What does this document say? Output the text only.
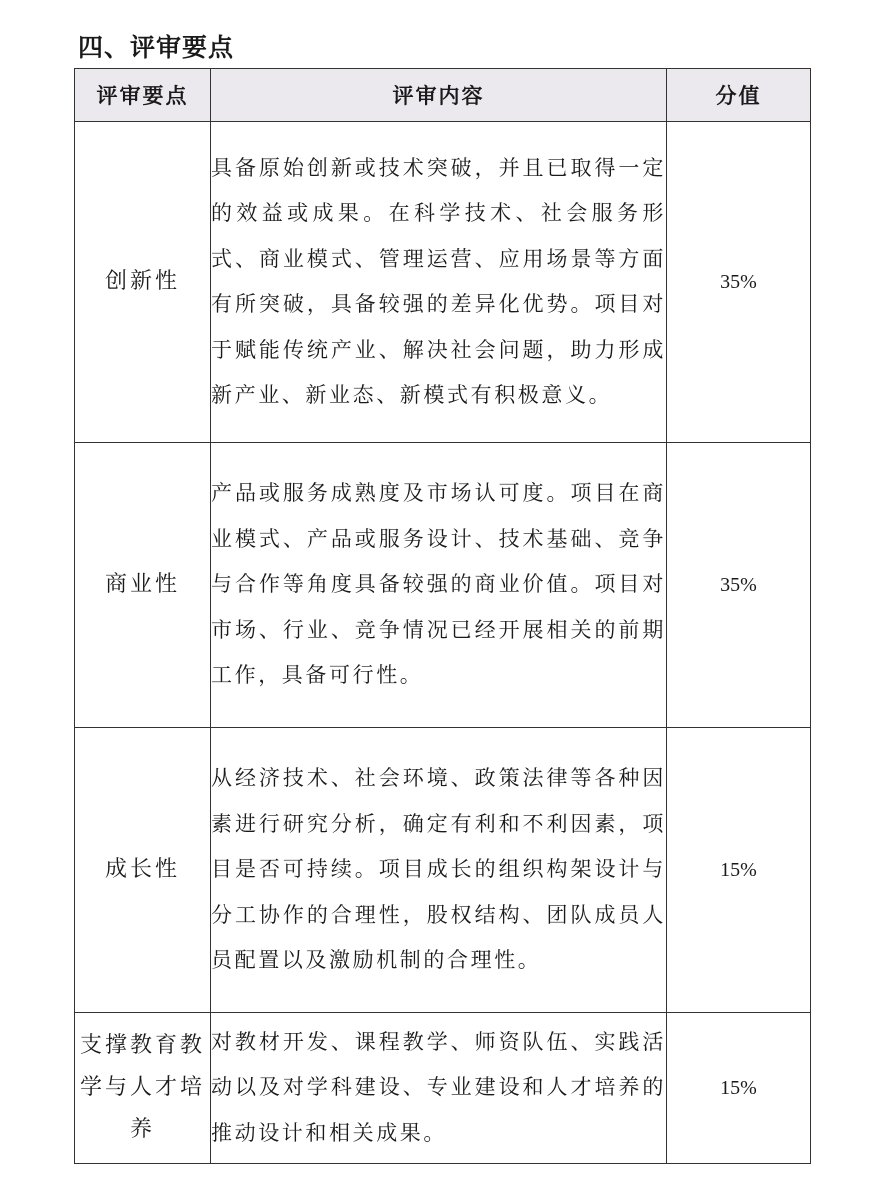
四、评审要点
评审要点	评审内容	分值
创新性	具备原始创新或技术突破，并且已取得一定的效益或成果。在科学技术、社会服务形式、商业模式、管理运营、应用场景等方面有所突破，具备较强的差异化优势。项目对于赋能传统产业、解决社会问题，助力形成新产业、新业态、新模式有积极意义。	35%
商业性	产品或服务成熟度及市场认可度。项目在商业模式、产品或服务设计、技术基础、竞争与合作等角度具备较强的商业价值。项目对市场、行业、竞争情况已经开展相关的前期工作，具备可行性。	35%
成长性	从经济技术、社会环境、政策法律等各种因素进行研究分析，确定有利和不利因素，项目是否可持续。项目成长的组织构架设计与分工协作的合理性，股权结构、团队成员人员配置以及激励机制的合理性。	15%
支撑教育教学与人才培养	对教材开发、课程教学、师资队伍、实践活动以及对学科建设、专业建设和人才培养的推动设计和相关成果。	15%
